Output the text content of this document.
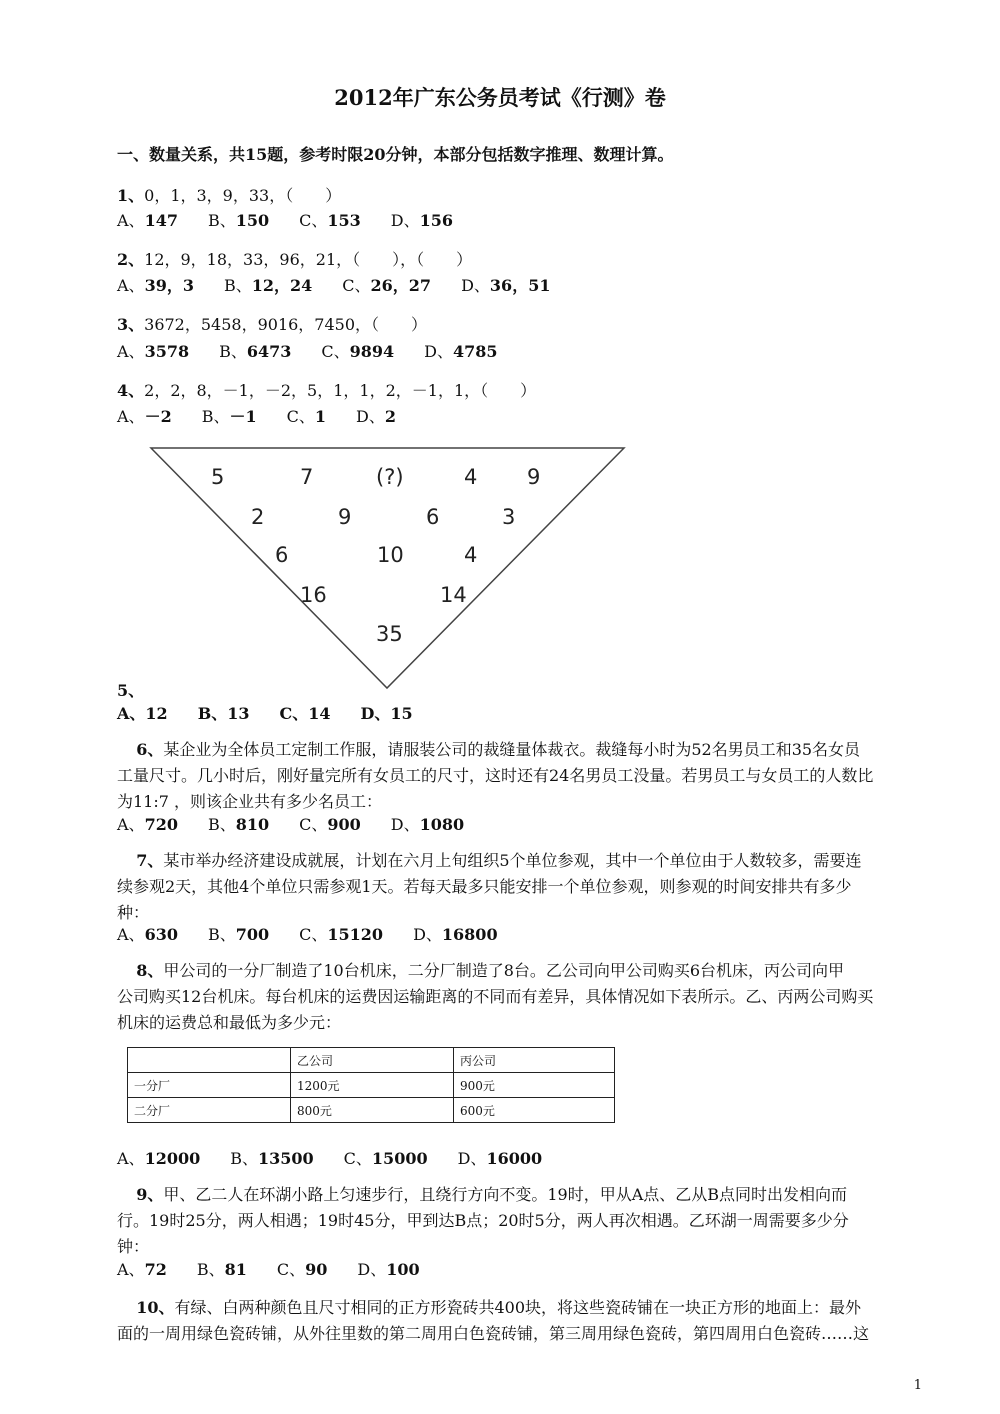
2012年广东公务员考试《行测》卷
一、数量关系，共15题，参考时限20分钟，本部分包括数字推理、数理计算。
1、0，1，3，9，33，（　　）
A、147 B、150 C、153 D、156
2、12，9，18，33，96，21，（　　），（　　）
A、39，3 B、12，24 C、26，27 D、36，51
3、3672，5458，9016，7450，（　　）
A、3578 B、6473 C、9894 D、4785
4、2，2，8，－1，－2，5，1，1，2，－1，1，（　　）
A、－2 B、－1 C、1 D、2
5	7	(?)	4 9
2	9	6	3
6	10	4
16	14
35
5、
A、12 B、13 C、14 D、15
6、某企业为全体员工定制工作服，请服装公司的裁缝量体裁衣。裁缝每小时为52名男员工和35名女员
工量尺寸。几小时后，刚好量完所有女员工的尺寸，这时还有24名男员工没量。若男员工与女员工的人数比
为11:7 ，则该企业共有多少名员工：
A、720 B、810 C、900 D、1080
7、某市举办经济建设成就展，计划在六月上旬组织5个单位参观，其中一个单位由于人数较多，需要连
续参观2天，其他4个单位只需参观1天。若每天最多只能安排一个单位参观，则参观的时间安排共有多少
种：
A、630 B、700 C、15120 D、16800
8、甲公司的一分厂制造了10台机床，二分厂制造了8台。乙公司向甲公司购买6台机床，丙公司向甲
公司购买12台机床。每台机床的运费因运输距离的不同而有差异，具体情况如下表所示。乙、丙两公司购买
机床的运费总和最低为多少元：
	乙公司	丙公司
一分厂	1200元	900元
二分厂	800元	600元
A、12000 B、13500 C、15000 D、16000
9、甲、乙二人在环湖小路上匀速步行，且绕行方向不变。19时，甲从A点、乙从B点同时出发相向而
行。19时25分，两人相遇；19时45分，甲到达B点；20时5分，两人再次相遇。乙环湖一周需要多少分
钟：
A、72 B、81 C、90 D、100
10、有绿、白两种颜色且尺寸相同的正方形瓷砖共400块，将这些瓷砖铺在一块正方形的地面上：最外
面的一周用绿色瓷砖铺，从外往里数的第二周用白色瓷砖铺，第三周用绿色瓷砖，第四周用白色瓷砖……这
1
